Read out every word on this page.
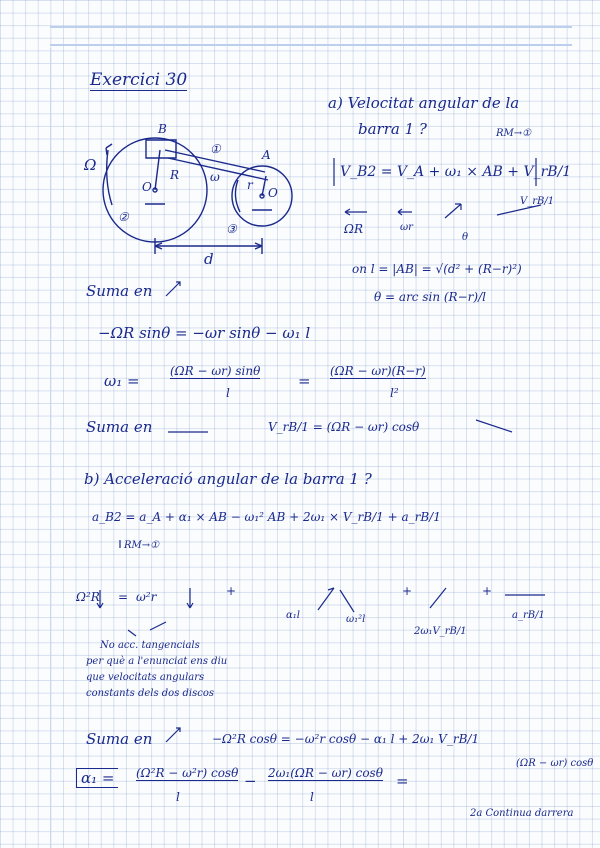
Exercici 30
B
A
Ω
R
r
ω
O	O
①
②
③
d
a) Velocitat angular de la
barra 1 ?	RM→①
V_B2 = V_A + ω₁ × AB + V_rB/1
V_rB/1
ΩR	ωr
θ
on l = |AB| = √(d² + (R−r)²)
θ = arc sin (R−r)/l
Suma en
−ΩR sinθ = −ωr sinθ − ω₁ l
ω₁ =
(ΩR − ωr) sinθ
l
=
(ΩR − ωr)(R−r)
l²
Suma en	V_rB/1 = (ΩR − ωr) cosθ
b) Acceleració angular de la barra 1 ?
a_B2 = a_A + α₁ × AB − ω₁² AB + 2ω₁ × V_rB/1 + a_rB/1
RM→①
Ω²R = ω²r	+
α₁l	ω₁²l
+
2ω₁V_rB/1
+
a_rB/1
No acc. tangencials
per què a l'enunciat ens diu
que velocitats angulars
constants dels dos discos
Suma en	−Ω²R cosθ = −ω²r cosθ − α₁ l + 2ω₁ V_rB/1
(ΩR − ωr) cosθ
α₁ =	(Ω²R − ω²r) cosθ
l
− 2ω₁(ΩR − ωr) cosθ
l
=
2a Continua darrera
